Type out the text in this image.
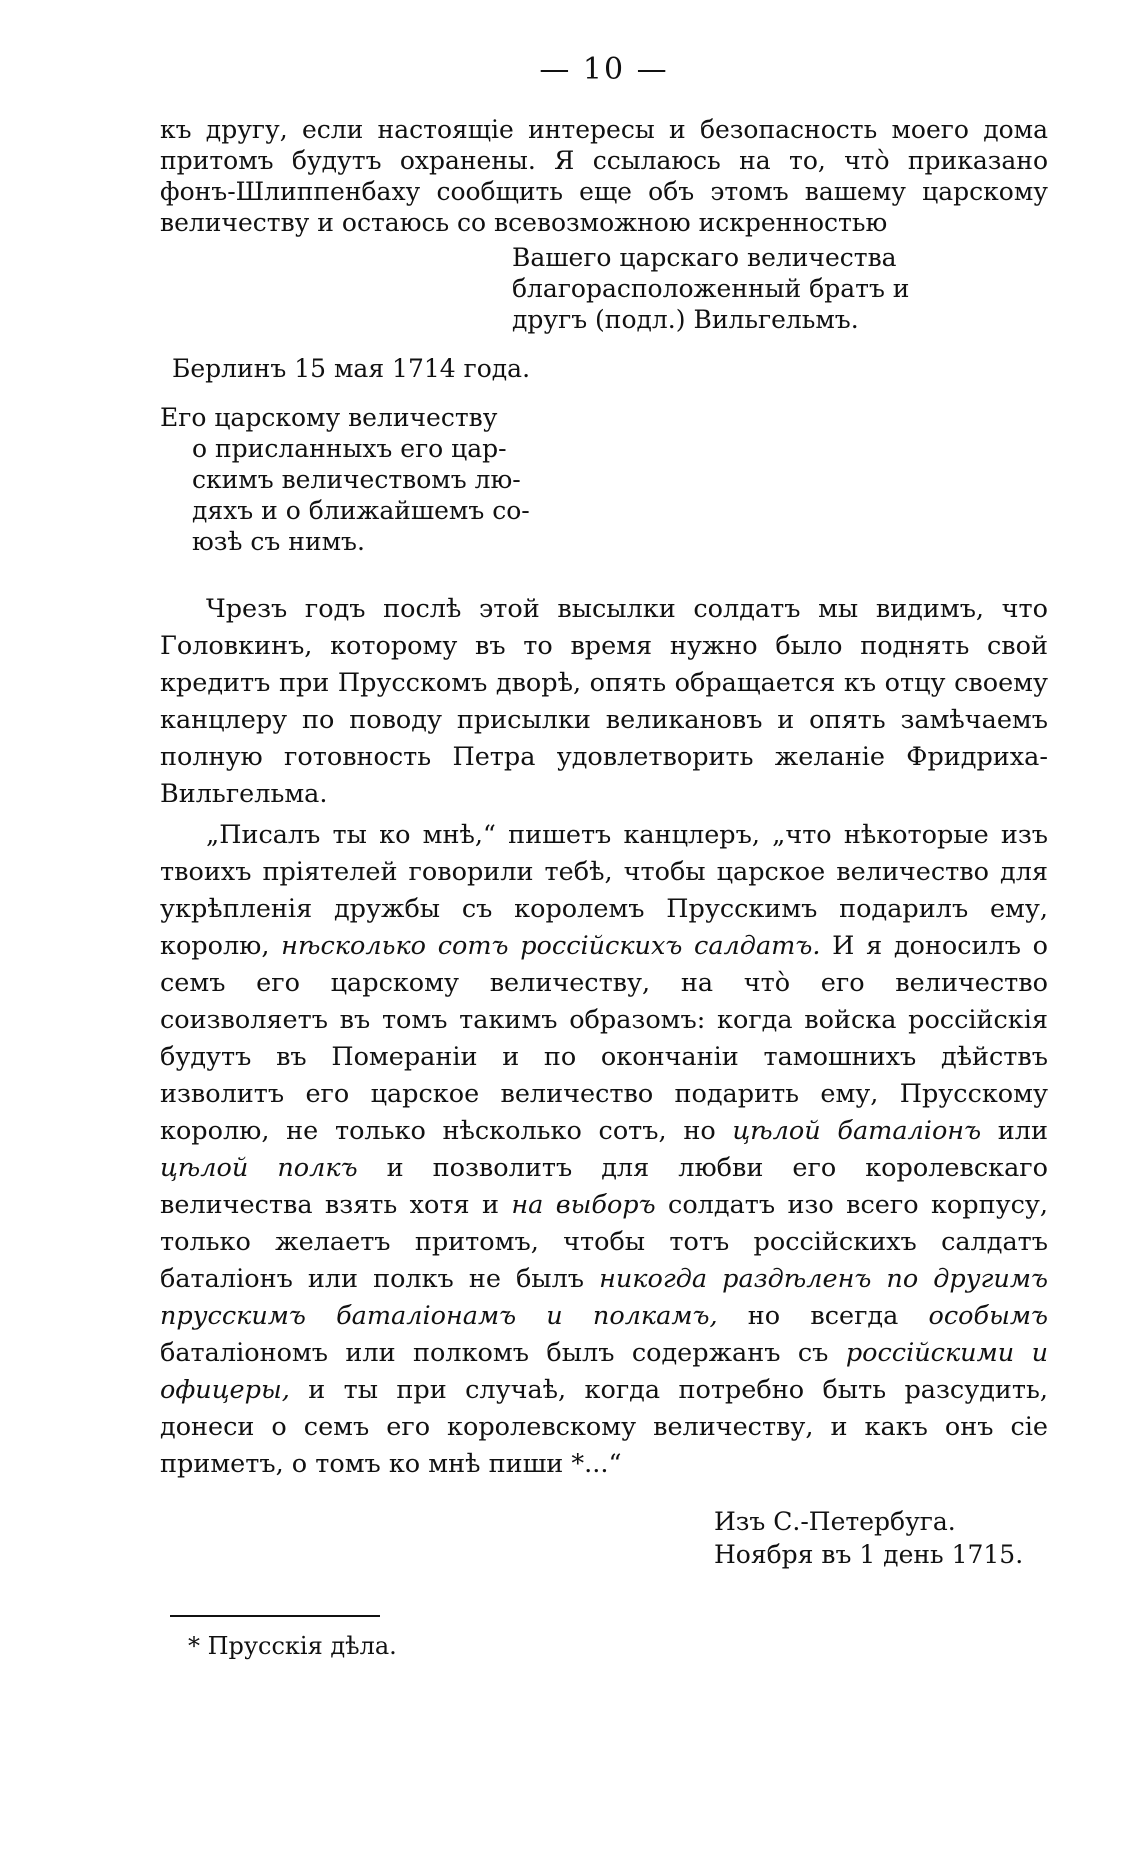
— 10 —

къ другу, если настоящіе интересы и безопасность моего дома притомъ будутъ охранены. Я ссылаюсь на то, что̀ приказано фонъ-Шлиппенбаху сообщить еще объ этомъ вашему царскому величеству и остаюсь со всевозможною искренностью

Вашего царскаго величества
благорасположенный братъ и
другъ (подл.) Вильгельмъ.
Берлинъ 15 мая 1714 года.
Его царскому величеству
о присланныхъ его цар-
скимъ величествомъ лю-
дяхъ и о ближайшемъ со-
юзѣ съ нимъ.

Чрезъ годъ послѣ этой высылки солдатъ мы видимъ, что Головкинъ, которому въ то время нужно было поднять свой кредитъ при Прусскомъ дворѣ, опять обращается къ отцу своему канцлеру по поводу присылки великановъ и опять замѣчаемъ полную готовность Петра удовлетворить желаніе Фридриха-Вильгельма.

„Писалъ ты ко мнѣ,“ пишетъ канцлеръ, „что нѣкоторые изъ твоихъ пріятелей говорили тебѣ, чтобы царское величество для укрѣпленія дружбы съ королемъ Прусскимъ подарилъ ему, королю, нѣсколько сотъ россійскихъ салдатъ. И я доносилъ о семъ его царскому величеству, на что̀ его величество соизволяетъ въ томъ такимъ образомъ: когда войска россійскія будутъ въ Помераніи и по окончаніи тамошнихъ дѣйствъ изволитъ его царское величество подарить ему, Прусскому королю, не только нѣсколько сотъ, но цѣлой баталіонъ или цѣлой полкъ и позволитъ для любви его королевскаго величества взять хотя и на выборъ солдатъ изо всего корпусу, только желаетъ притомъ, чтобы тотъ россійскихъ салдатъ баталіонъ или полкъ не былъ никогда раздѣленъ по другимъ прусскимъ баталіонамъ и полкамъ, но всегда особымъ баталіономъ или полкомъ былъ содержанъ съ россійскими и офицеры, и ты при случаѣ, когда потребно быть разсудить, донеси о семъ его королевскому величеству, и какъ онъ сіе приметъ, о томъ ко мнѣ пиши *...“

Изъ С.-Петербуга.
Ноября въ 1 день 1715.
* Прусскія дѣла.
